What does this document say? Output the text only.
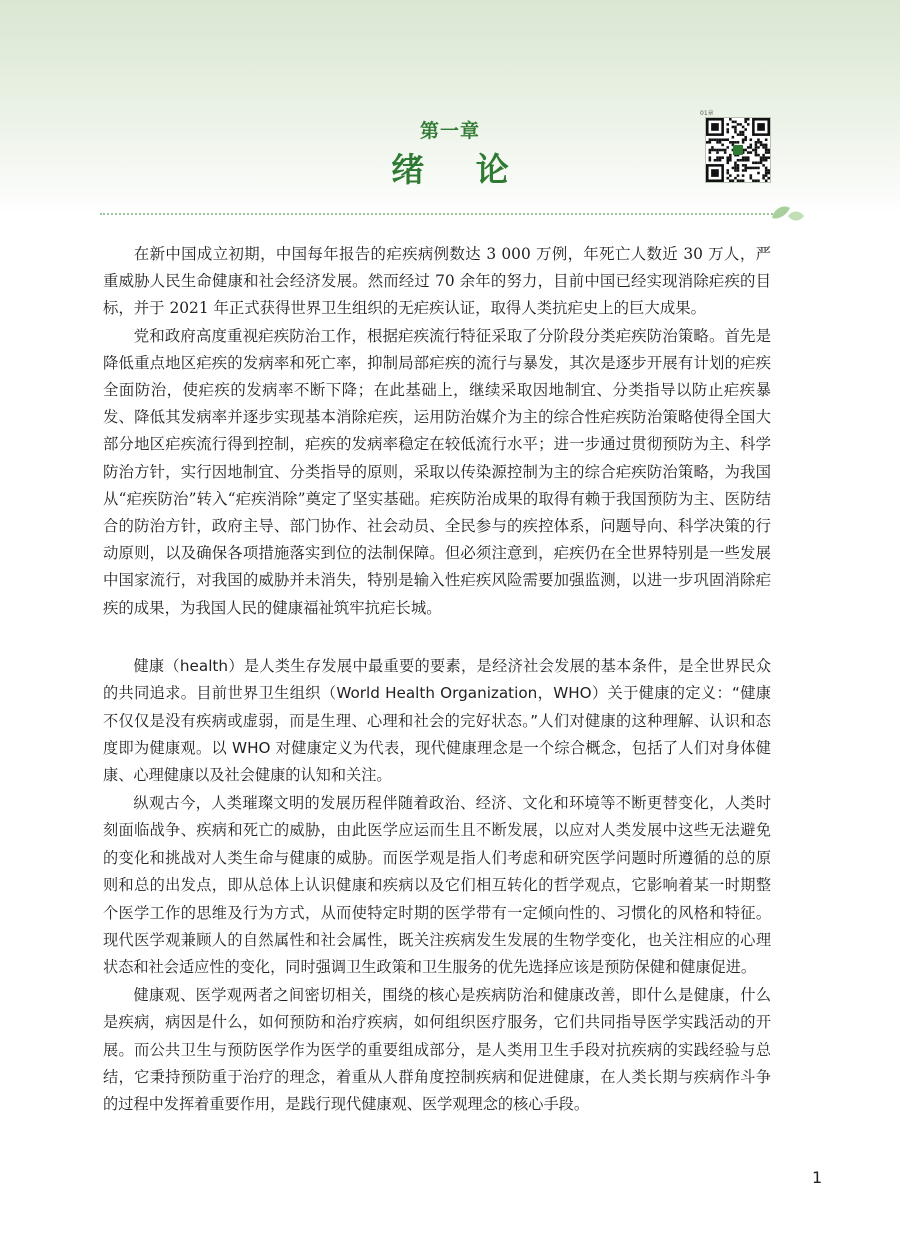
第一章
绪 论
01章

在新中国成立初期，中国每年报告的疟疾病例数达 3 000 万例，年死亡人数近 30 万人，严重威胁人民生命健康和社会经济发展。然而经过 70 余年的努力，目前中国已经实现消除疟疾的目标，并于 2021 年正式获得世界卫生组织的无疟疾认证，取得人类抗疟史上的巨大成果。

党和政府高度重视疟疾防治工作，根据疟疾流行特征采取了分阶段分类疟疾防治策略。首先是降低重点地区疟疾的发病率和死亡率，抑制局部疟疾的流行与暴发，其次是逐步开展有计划的疟疾全面防治，使疟疾的发病率不断下降；在此基础上，继续采取因地制宜、分类指导以防止疟疾暴发、降低其发病率并逐步实现基本消除疟疾，运用防治媒介为主的综合性疟疾防治策略使得全国大部分地区疟疾流行得到控制，疟疾的发病率稳定在较低流行水平；进一步通过贯彻预防为主、科学防治方针，实行因地制宜、分类指导的原则，采取以传染源控制为主的综合疟疾防治策略，为我国从“疟疾防治”转入“疟疾消除”奠定了坚实基础。疟疾防治成果的取得有赖于我国预防为主、医防结合的防治方针，政府主导、部门协作、社会动员、全民参与的疾控体系，问题导向、科学决策的行动原则，以及确保各项措施落实到位的法制保障。但必须注意到，疟疾仍在全世界特别是一些发展中国家流行，对我国的威胁并未消失，特别是输入性疟疾风险需要加强监测，以进一步巩固消除疟疾的成果，为我国人民的健康福祉筑牢抗疟长城。

健康（health）是人类生存发展中最重要的要素，是经济社会发展的基本条件，是全世界民众的共同追求。目前世界卫生组织（World Health Organization，WHO）关于健康的定义：“健康不仅仅是没有疾病或虚弱，而是生理、心理和社会的完好状态。”人们对健康的这种理解、认识和态度即为健康观。以 WHO 对健康定义为代表，现代健康理念是一个综合概念，包括了人们对身体健康、心理健康以及社会健康的认知和关注。

纵观古今，人类璀璨文明的发展历程伴随着政治、经济、文化和环境等不断更替变化，人类时刻面临战争、疾病和死亡的威胁，由此医学应运而生且不断发展，以应对人类发展中这些无法避免的变化和挑战对人类生命与健康的威胁。而医学观是指人们考虑和研究医学问题时所遵循的总的原则和总的出发点，即从总体上认识健康和疾病以及它们相互转化的哲学观点，它影响着某一时期整个医学工作的思维及行为方式，从而使特定时期的医学带有一定倾向性的、习惯化的风格和特征。现代医学观兼顾人的自然属性和社会属性，既关注疾病发生发展的生物学变化，也关注相应的心理状态和社会适应性的变化，同时强调卫生政策和卫生服务的优先选择应该是预防保健和健康促进。

健康观、医学观两者之间密切相关，围绕的核心是疾病防治和健康改善，即什么是健康，什么是疾病，病因是什么，如何预防和治疗疾病，如何组织医疗服务，它们共同指导医学实践活动的开展。而公共卫生与预防医学作为医学的重要组成部分，是人类用卫生手段对抗疾病的实践经验与总结，它秉持预防重于治疗的理念，着重从人群角度控制疾病和促进健康，在人类长期与疾病作斗争的过程中发挥着重要作用，是践行现代健康观、医学观理念的核心手段。

1
